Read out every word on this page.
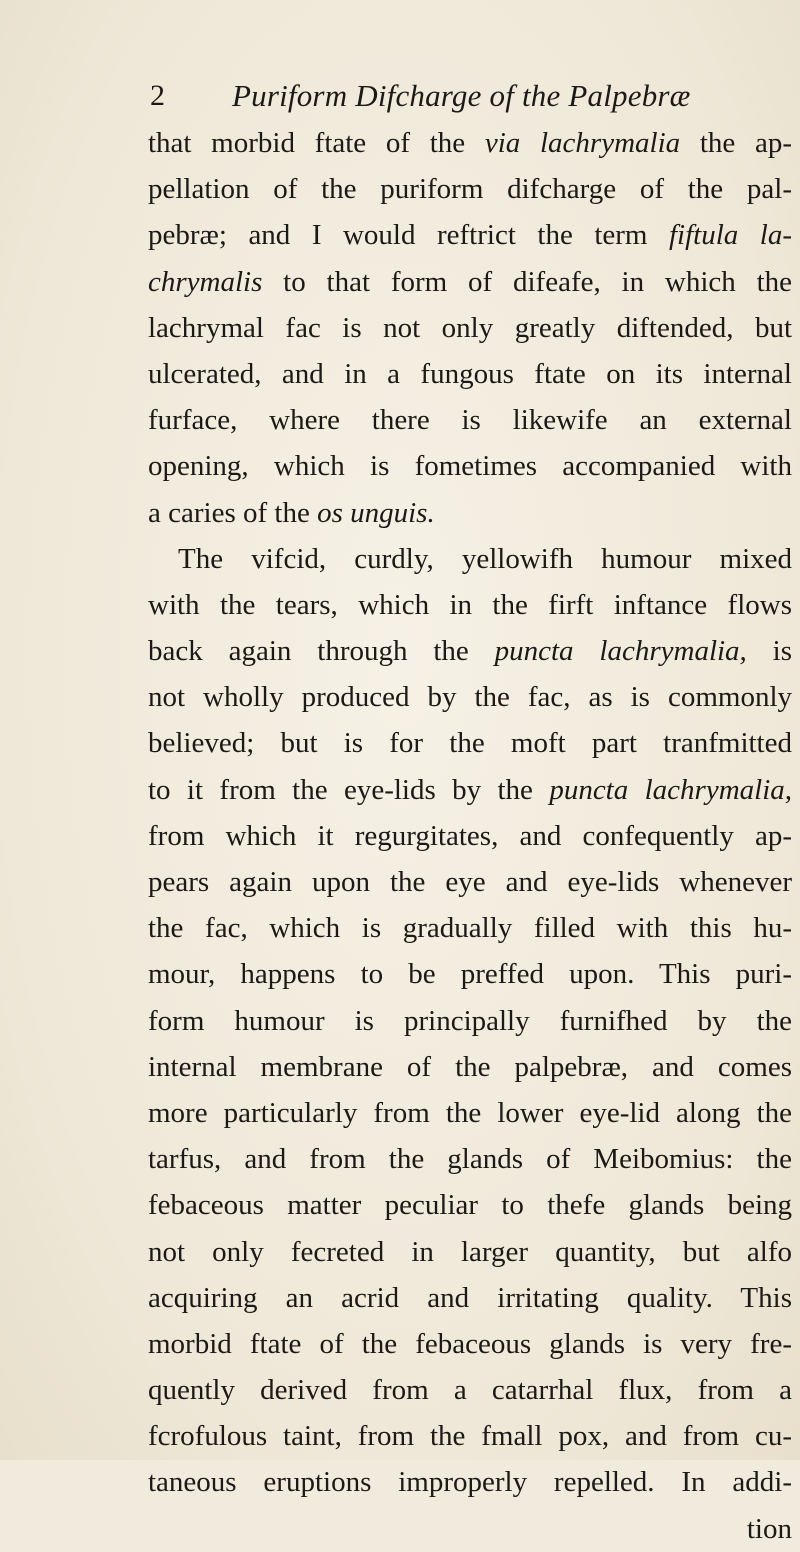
2 Puriform Difcharge of the Palpebræ
that morbid ftate of the via lachrymalia the ap-
pellation of the puriform difcharge of the pal-
pebræ; and I would reftrict the term fiftula la-
chrymalis to that form of difeafe, in which the
lachrymal fac is not only greatly diftended, but
ulcerated, and in a fungous ftate on its internal
furface, where there is likewife an external
opening, which is fometimes accompanied with
a caries of the os unguis.
The vifcid, curdly, yellowifh humour mixed
with the tears, which in the firft inftance flows
back again through the puncta lachrymalia, is
not wholly produced by the fac, as is commonly
believed; but is for the moft part tranfmitted
to it from the eye-lids by the puncta lachrymalia,
from which it regurgitates, and confequently ap-
pears again upon the eye and eye-lids whenever
the fac, which is gradually filled with this hu-
mour, happens to be preffed upon. This puri-
form humour is principally furnifhed by the
internal membrane of the palpebræ, and comes
more particularly from the lower eye-lid along the
tarfus, and from the glands of Meibomius: the
febaceous matter peculiar to thefe glands being
not only fecreted in larger quantity, but alfo
acquiring an acrid and irritating quality. This
morbid ftate of the febaceous glands is very fre-
quently derived from a catarrhal flux, from a
fcrofulous taint, from the fmall pox, and from cu-
taneous eruptions improperly repelled. In addi-
tion
